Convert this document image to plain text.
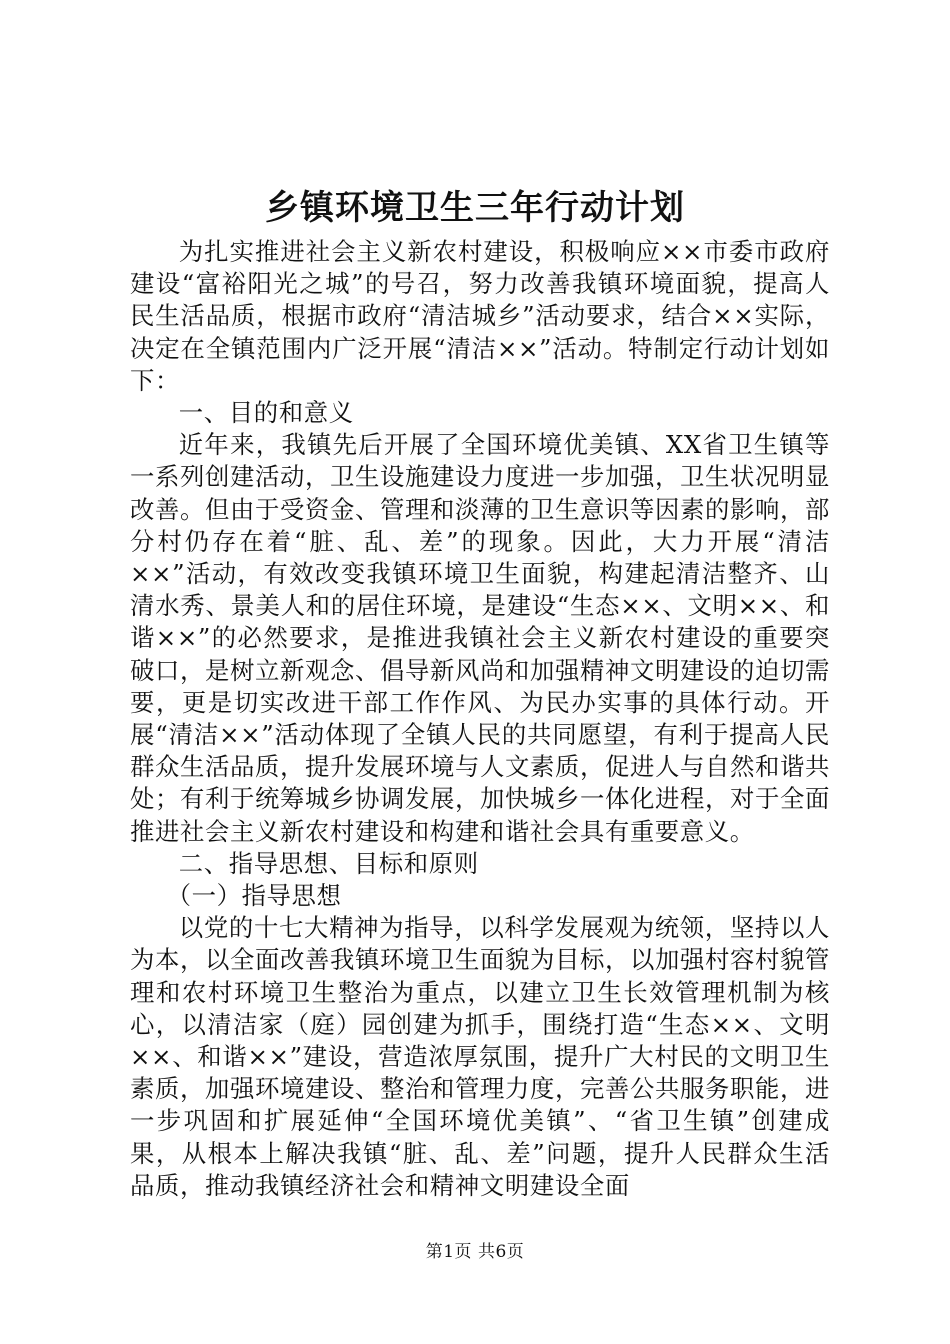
乡镇环境卫生三年行动计划

为扎实推进社会主义新农村建设，积极响应××市委市政府建设“富裕阳光之城”的号召，努力改善我镇环境面貌，提高人民生活品质，根据市政府“清洁城乡”活动要求，结合××实际，决定在全镇范围内广泛开展“清洁××”活动。特制定行动计划如下：

一、目的和意义

近年来，我镇先后开展了全国环境优美镇、XX省卫生镇等一系列创建活动，卫生设施建设力度进一步加强，卫生状况明显改善。但由于受资金、管理和淡薄的卫生意识等因素的影响，部分村仍存在着“脏、乱、差”的现象。因此，大力开展“清洁××”活动，有效改变我镇环境卫生面貌，构建起清洁整齐、山清水秀、景美人和的居住环境，是建设“生态××、文明××、和谐××”的必然要求，是推进我镇社会主义新农村建设的重要突破口，是树立新观念、倡导新风尚和加强精神文明建设的迫切需要，更是切实改进干部工作作风、为民办实事的具体行动。开展“清洁××”活动体现了全镇人民的共同愿望，有利于提高人民群众生活品质，提升发展环境与人文素质，促进人与自然和谐共处；有利于统筹城乡协调发展，加快城乡一体化进程，对于全面推进社会主义新农村建设和构建和谐社会具有重要意义。

二、指导思想、目标和原则

（一）指导思想

以党的十七大精神为指导，以科学发展观为统领，坚持以人为本，以全面改善我镇环境卫生面貌为目标，以加强村容村貌管理和农村环境卫生整治为重点，以建立卫生长效管理机制为核心，以清洁家（庭）园创建为抓手，围绕打造“生态××、文明××、和谐××”建设，营造浓厚氛围，提升广大村民的文明卫生素质，加强环境建设、整治和管理力度，完善公共服务职能，进一步巩固和扩展延伸“全国环境优美镇”、“省卫生镇”创建成果，从根本上解决我镇“脏、乱、差”问题，提升人民群众生活品质，推动我镇经济社会和精神文明建设全面

第1页 共6页
